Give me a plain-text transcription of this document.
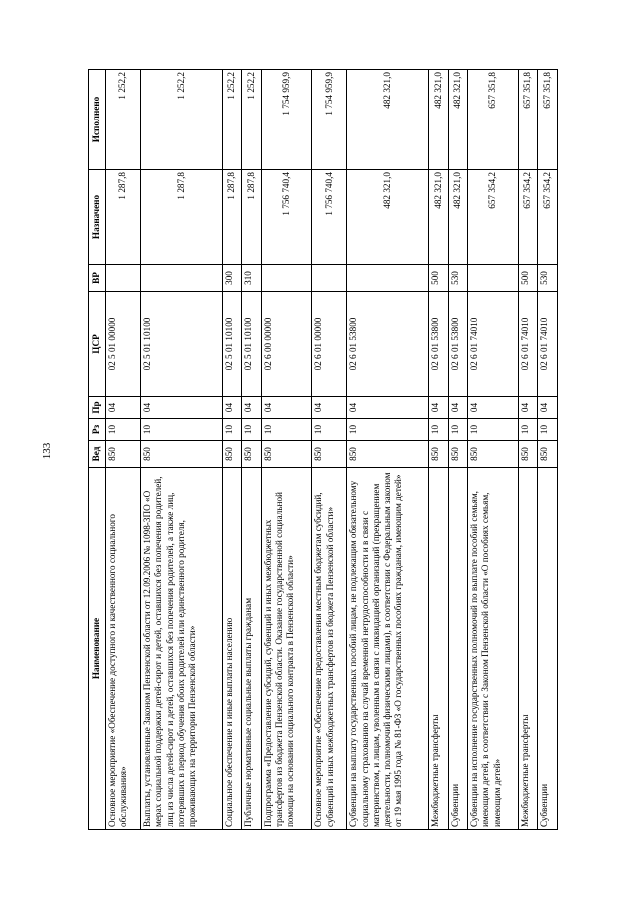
133
Наименование	Вед	Рз	Пр	ЦСР	ВР	Назначено	Исполнено
Основное мероприятие «Обеспечение доступного и качественного социального обслуживания»	850	10	04	02 5 01 00000		1 287,8	1 252,2
Выплаты, установленные Законом Пензенской области от 12.09.2006 № 1098-ЗПО «О мерах социальной поддержки детей-сирот и детей, оставшихся без попечения родителей, лиц из числа детей-сирот и детей, оставшихся без попечения родителей, а также лиц, потерявших в период обучения обоих родителей или единственного родителя, проживающих на территории Пензенской области»	850	10	04	02 5 01 10100		1 287,8	1 252,2
Социальное обеспечение и иные выплаты населению	850	10	04	02 5 01 10100	300	1 287,8	1 252,2
Публичные нормативные социальные выплаты гражданам	850	10	04	02 5 01 10100	310	1 287,8	1 252,2
Подпрограмма «Предоставление субсидий, субвенций и иных межбюджетных трансфертов из бюджета Пензенской области. Оказание государственной социальной помощи на основании социального контракта в Пензенской области»	850	10	04	02 6 00 00000		1 756 740,4	1 754 959,9
Основное мероприятие «Обеспечение предоставления местным бюджетам субсидий, субвенций и иных межбюджетных трансфертов из бюджета Пензенской области»	850	10	04	02 6 01 00000		1 756 740,4	1 754 959,9
Субвенции на выплату государственных пособий лицам, не подлежащим обязательному социальному страхованию на случай временной нетрудоспособности и в связи с материнством, и лицам, уволенным в связи с ликвидацией организаций (прекращением деятельности, полномочий физическими лицами), в соответствии с Федеральным законом от 19 мая 1995 года № 81-ФЗ «О государственных пособиях гражданам, имеющим детей»	850	10	04	02 6 01 53800		482 321,0	482 321,0
Межбюджетные трансферты	850	10	04	02 6 01 53800	500	482 321,0	482 321,0
Субвенции	850	10	04	02 6 01 53800	530	482 321,0	482 321,0
Субвенции на исполнение государственных полномочий по выплате пособий семьям, имеющим детей, в соответствии с Законом Пензенской области «О пособиях семьям, имеющим детей»	850	10	04	02 6 01 74010		657 354,2	657 351,8
Межбюджетные трансферты	850	10	04	02 6 01 74010	500	657 354,2	657 351,8
Субвенции	850	10	04	02 6 01 74010	530	657 354,2	657 351,8
